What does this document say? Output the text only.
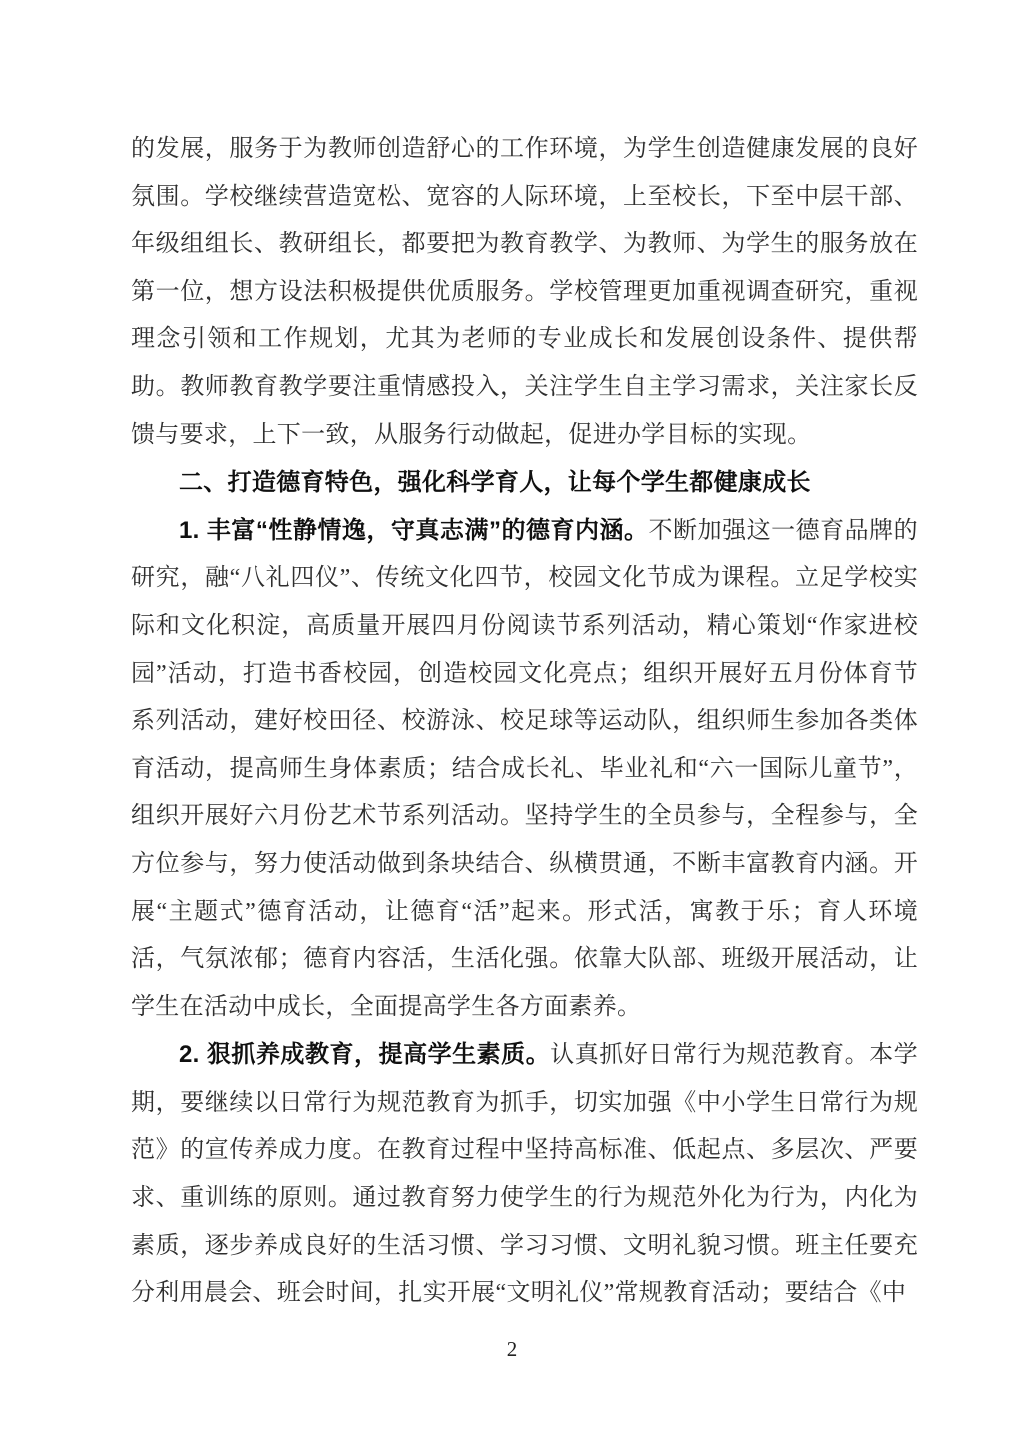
的发展，服务于为教师创造舒心的工作环境，为学生创造健康发展的良好氛围。学校继续营造宽松、宽容的人际环境，上至校长，下至中层干部、年级组组长、教研组长，都要把为教育教学、为教师、为学生的服务放在第一位，想方设法积极提供优质服务。学校管理更加重视调查研究，重视理念引领和工作规划，尤其为老师的专业成长和发展创设条件、提供帮助。教师教育教学要注重情感投入，关注学生自主学习需求，关注家长反馈与要求，上下一致，从服务行动做起，促进办学目标的实现。

二、打造德育特色，强化科学育人，让每个学生都健康成长

1. 丰富“性静情逸，守真志满”的德育内涵。不断加强这一德育品牌的研究，融“八礼四仪”、传统文化四节，校园文化节成为课程。立足学校实际和文化积淀，高质量开展四月份阅读节系列活动，精心策划“作家进校园”活动，打造书香校园，创造校园文化亮点；组织开展好五月份体育节系列活动，建好校田径、校游泳、校足球等运动队，组织师生参加各类体育活动，提高师生身体素质；结合成长礼、毕业礼和“六一国际儿童节”，组织开展好六月份艺术节系列活动。坚持学生的全员参与，全程参与，全方位参与，努力使活动做到条块结合、纵横贯通，不断丰富教育内涵。开展“主题式”德育活动，让德育“活”起来。形式活，寓教于乐；育人环境活，气氛浓郁；德育内容活，生活化强。依靠大队部、班级开展活动，让学生在活动中成长，全面提高学生各方面素养。

2. 狠抓养成教育，提高学生素质。认真抓好日常行为规范教育。本学期，要继续以日常行为规范教育为抓手，切实加强《中小学生日常行为规范》的宣传养成力度。在教育过程中坚持高标准、低起点、多层次、严要求、重训练的原则。通过教育努力使学生的行为规范外化为行为，内化为素质，逐步养成良好的生活习惯、学习习惯、文明礼貌习惯。班主任要充分利用晨会、班会时间，扎实开展“文明礼仪”常规教育活动；要结合《中

2
